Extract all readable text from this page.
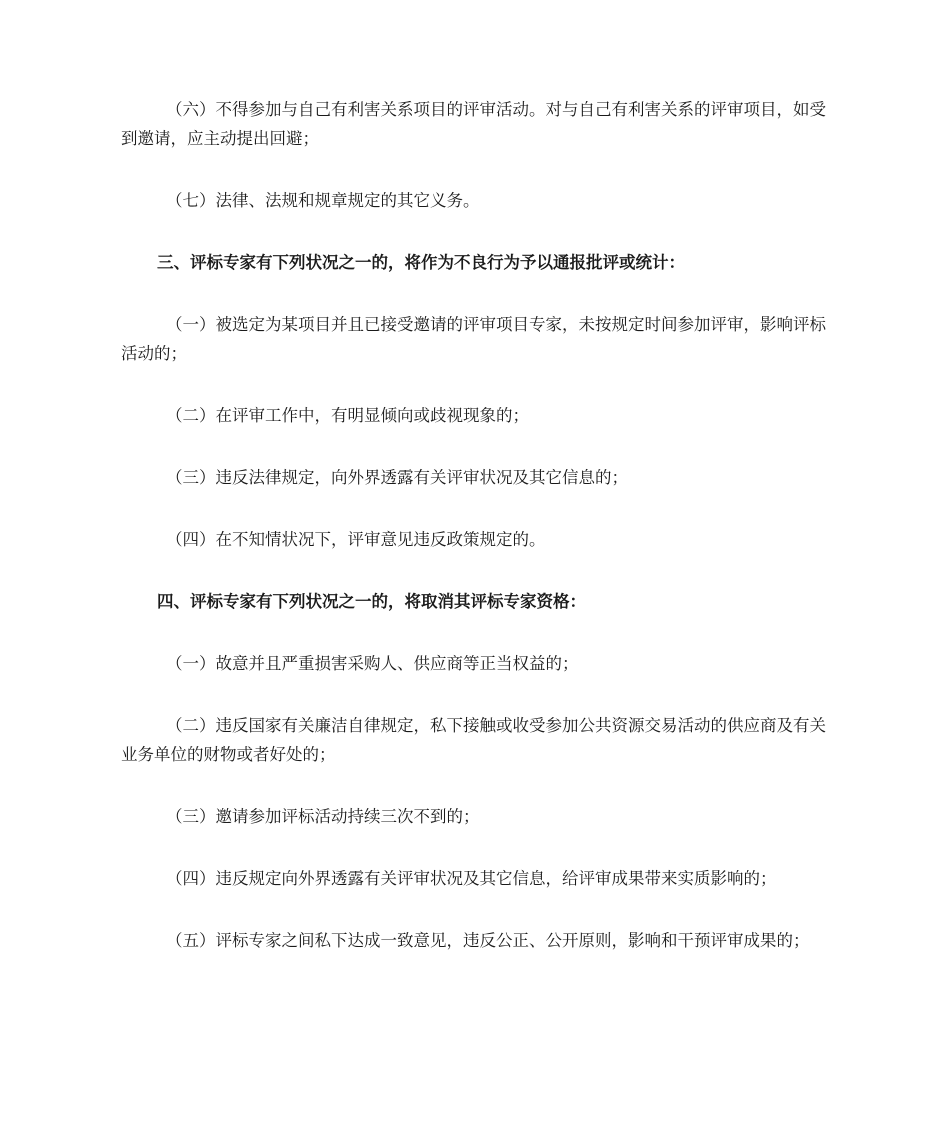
（六）不得参加与自己有利害关系项目的评审活动。对与自己有利害关系的评审项目，如受到邀请，应主动提出回避；

（七）法律、法规和规章规定的其它义务。

三、评标专家有下列状况之一的，将作为不良行为予以通报批评或统计：

（一）被选定为某项目并且已接受邀请的评审项目专家，未按规定时间参加评审，影响评标活动的；

（二）在评审工作中，有明显倾向或歧视现象的；

（三）违反法律规定，向外界透露有关评审状况及其它信息的；

（四）在不知情状况下，评审意见违反政策规定的。

四、评标专家有下列状况之一的，将取消其评标专家资格：

（一）故意并且严重损害采购人、供应商等正当权益的；

（二）违反国家有关廉洁自律规定，私下接触或收受参加公共资源交易活动的供应商及有关业务单位的财物或者好处的；

（三）邀请参加评标活动持续三次不到的；

（四）违反规定向外界透露有关评审状况及其它信息，给评审成果带来实质影响的；

（五）评标专家之间私下达成一致意见，违反公正、公开原则，影响和干预评审成果的；
